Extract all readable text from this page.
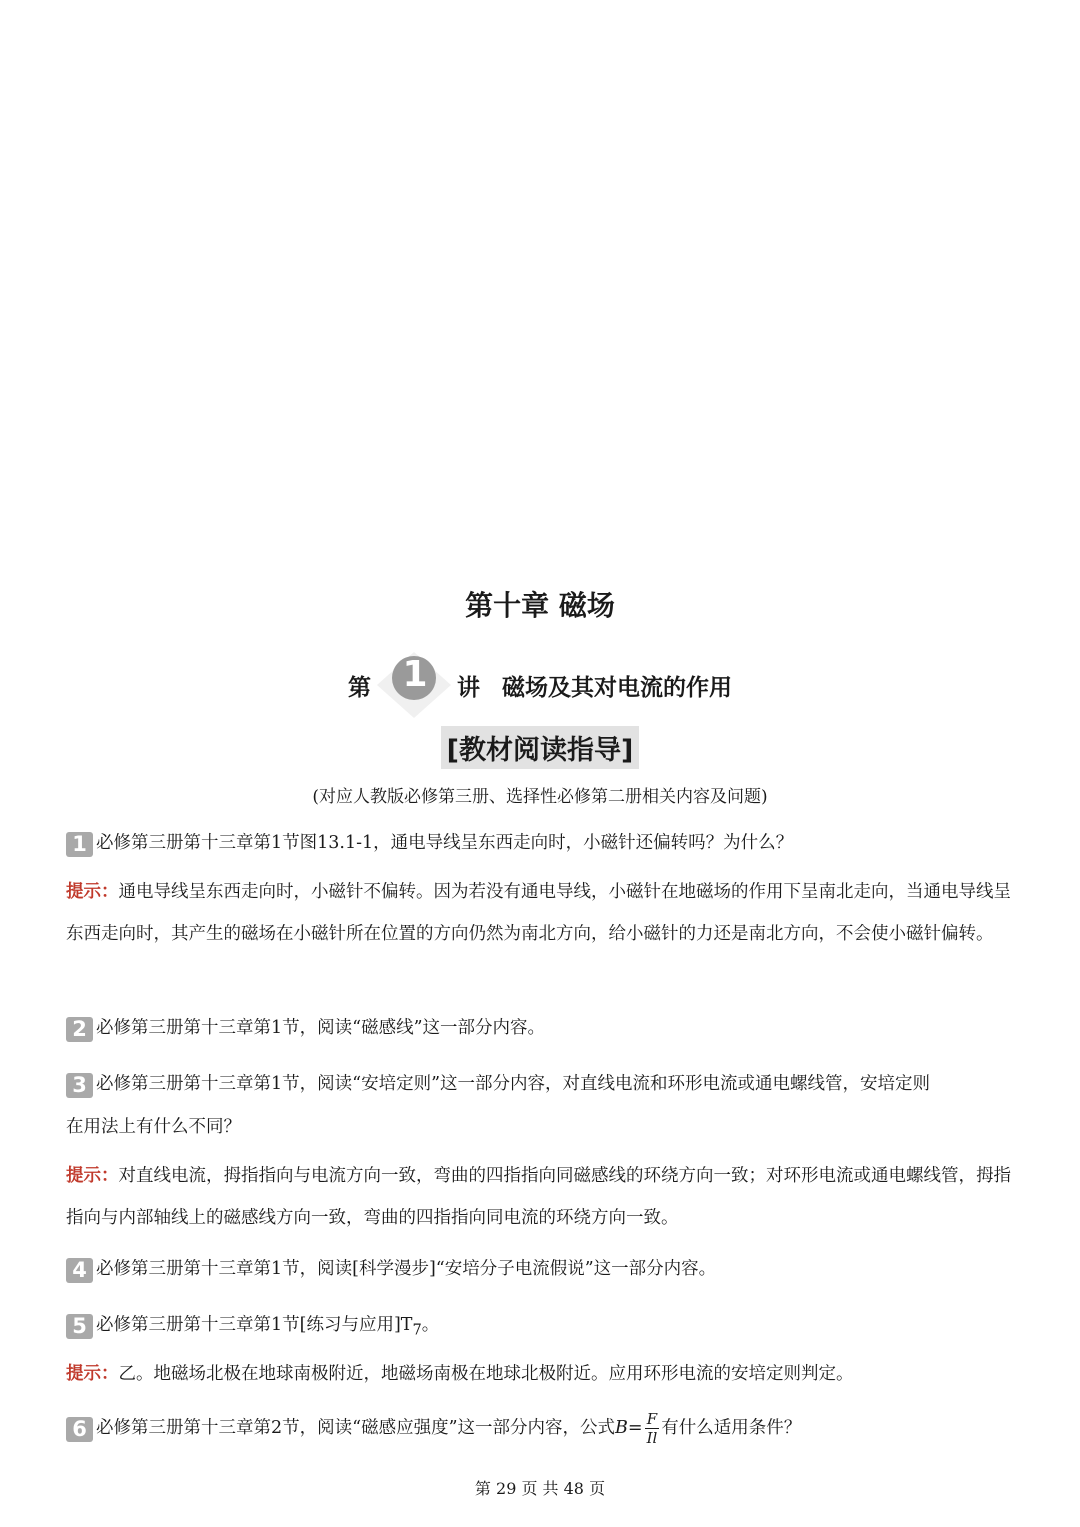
第十章 磁场
第 1	讲 磁场及其对电流的作用
[教材阅读指导]
(对应人教版必修第三册、选择性必修第二册相关内容及问题)
1 必修第三册第十三章第1节图13.1-1，通电导线呈东西走向时，小磁针还偏转吗？为什么？
提示：通电导线呈东西走向时，小磁针不偏转。因为若没有通电导线，小磁针在地磁场的作用下呈南北走向，当通电导线呈东西走向时，其产生的磁场在小磁针所在位置的方向仍然为南北方向，给小磁针的力还是南北方向，不会使小磁针偏转。
2 必修第三册第十三章第1节，阅读“磁感线”这一部分内容。
3 必修第三册第十三章第1节，阅读“安培定则”这一部分内容，对直线电流和环形电流或通电螺线管，安培定则
在用法上有什么不同？
提示：对直线电流，拇指指向与电流方向一致，弯曲的四指指向同磁感线的环绕方向一致；对环形电流或通电螺线管，拇指指向与内部轴线上的磁感线方向一致，弯曲的四指指向同电流的环绕方向一致。
4 必修第三册第十三章第1节，阅读[科学漫步]“安培分子电流假说”这一部分内容。
5 必修第三册第十三章第1节[练习与应用]$T_7$。
提示：乙。地磁场北极在地球南极附近，地磁场南极在地球北极附近。应用环形电流的安培定则判定。
6 必修第三册第十三章第2节，阅读“磁感应强度”这一部分内容，公式$B= \frac{F}{Il}$ 有什么适用条件？
第 29 页 共 48 页
